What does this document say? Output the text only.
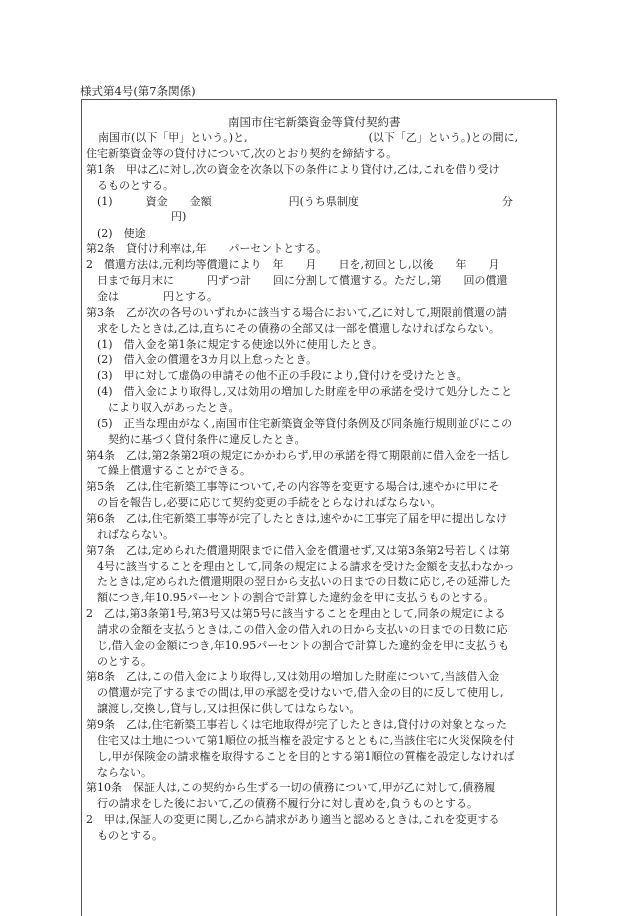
様式第4号(第7条関係)
南国市住宅新築資金等貸付契約書
南国市(以下「甲」という。)と,　　　　　　　　　　　(以下「乙」という。)との間に,
住宅新築資金等の貸付けについて,次のとおり契約を締結する。
第1条　甲は乙に対し,次の資金を次条以下の条件により貸付け,乙は,これを借り受け
るものとする。
(1)　　　資金　　金額　　　　　　　円(うち県制度　　　　　　　　　　　　　分
円)
(2)　使途
第2条　貸付け利率は,年　　パーセントとする。
2　償還方法は,元利均等償還により　年　　月　　日を,初回とし,以後　　年　　月
日まで毎月末に　　　円ずつ計　　回に分割して償還する。ただし,第　　回の償還
金は　　　　円とする。
第3条　乙が次の各号のいずれかに該当する場合において,乙に対して,期限前償還の請
求をしたときは,乙は,直ちにその債務の全部又は一部を償還しなければならない。
(1)　借入金を第1条に規定する使途以外に使用したとき。
(2)　借入金の償還を3カ月以上怠ったとき。
(3)　甲に対して虚偽の申請その他不正の手段により,貸付けを受けたとき。
(4)　借入金により取得し,又は効用の増加した財産を甲の承諾を受けて処分したこと
により収入があったとき。
(5)　正当な理由がなく,南国市住宅新築資金等貸付条例及び同条施行規則並びにこの
契約に基づく貸付条件に違反したとき。
第4条　乙は,第2条第2項の規定にかかわらず,甲の承諾を得て期限前に借入金を一括し
て繰上償還することができる。
第5条　乙は,住宅新築工事等について,その内容等を変更する場合は,速やかに甲にそ
の旨を報告し,必要に応じて契約変更の手続をとらなければならない。
第6条　乙は,住宅新築工事等が完了したときは,速やかに工事完了届を甲に提出しなけ
ればならない。
第7条　乙は,定められた償還期限までに借入金を償還せず,又は第3条第2号若しくは第
4号に該当することを理由として,同条の規定による請求を受けた金額を支払わなかっ
たときは,定められた償還期限の翌日から支払いの日までの日数に応じ,その延滞した
額につき,年10.95パーセントの割合で計算した違約金を甲に支払うものとする。
2　乙は,第3条第1号,第3号又は第5号に該当することを理由として,同条の規定による
請求の金額を支払うときは,この借入金の借入れの日から支払いの日までの日数に応
じ,借入金の金額につき,年10.95パーセントの割合で計算した違約金を甲に支払うも
のとする。
第8条　乙は,この借入金により取得し,又は効用の増加した財産について,当該借入金
の償還が完了するまでの間は,甲の承認を受けないで,借入金の目的に反して使用し,
譲渡し,交換し,貸与し,又は担保に供してはならない。
第9条　乙は,住宅新築工事若しくは宅地取得が完了したときは,貸付けの対象となった
住宅又は土地について第1順位の抵当権を設定するとともに,当該住宅に火災保険を付
し,甲が保険金の請求権を取得することを目的とする第1順位の質権を設定しなければ
ならない。
第10条　保証人は,この契約から生ずる一切の債務について,甲が乙に対して,債務履
行の請求をした後において,乙の債務不履行分に対し責めを,負うものとする。
2　甲は,保証人の変更に関し,乙から請求があり適当と認めるときは,これを変更する
ものとする。
